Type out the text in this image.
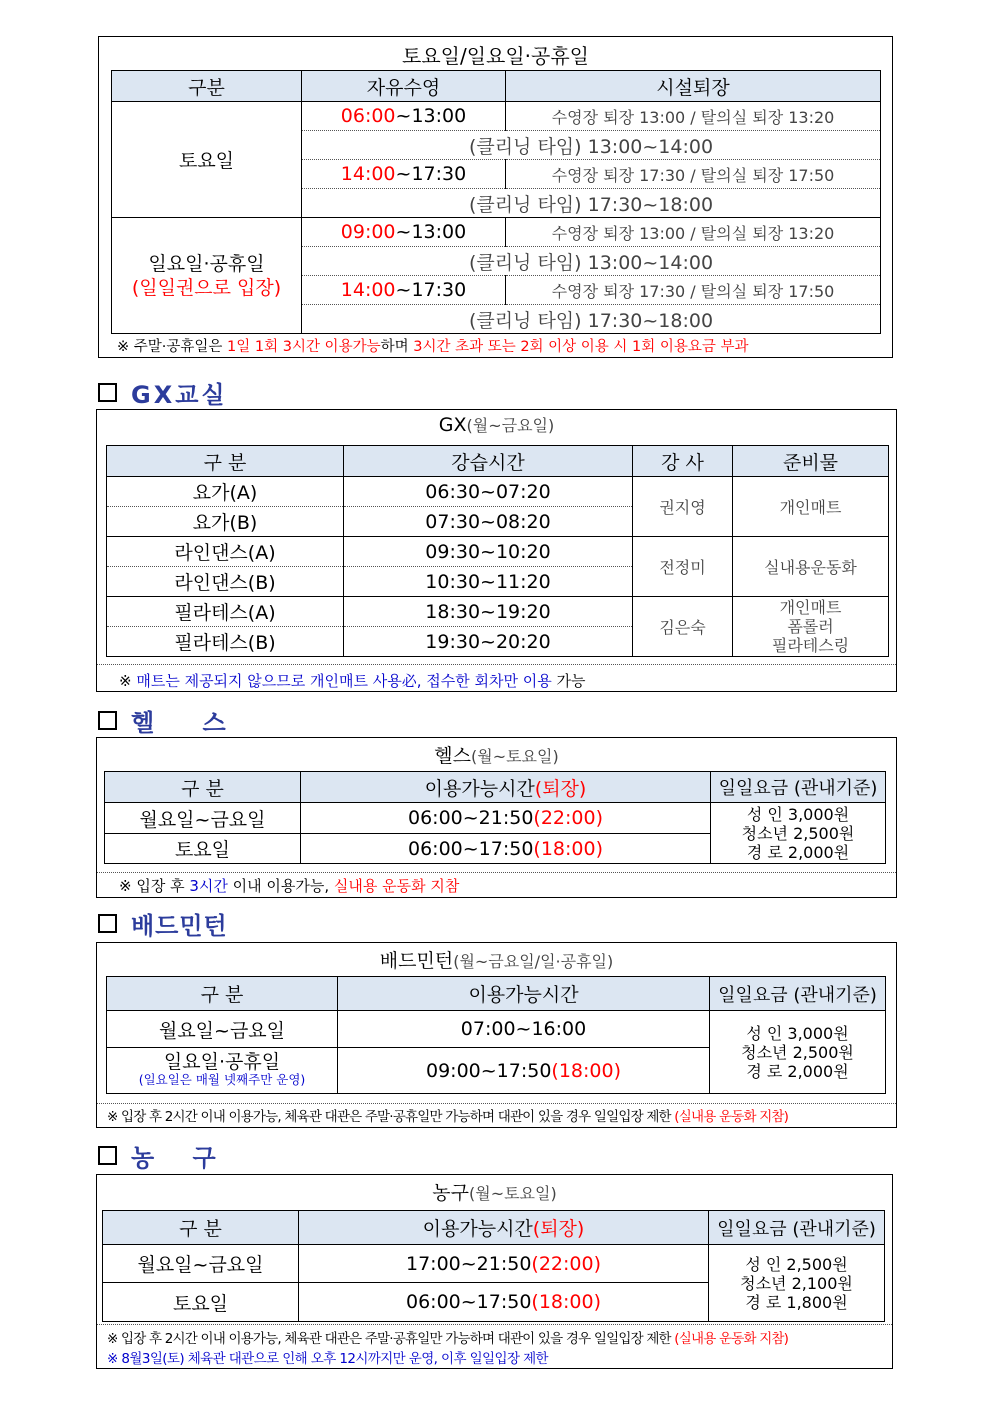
토요일/일요일·공휴일
구분	자유수영	시설퇴장
토요일	06:00~13:00	수영장 퇴장 13:00 / 탈의실 퇴장 13:20
	(클리닝 타임) 13:00~14:00	
	14:00~17:30	수영장 퇴장 17:30 / 탈의실 퇴장 17:50
	(클리닝 타임) 17:30~18:00	

일요일·공휴일
(일일권으로 입장)	09:00~13:00	수영장 퇴장 13:00 / 탈의실 퇴장 13:20
	(클리닝 타임) 13:00~14:00	
	14:00~17:30	수영장 퇴장 17:30 / 탈의실 퇴장 17:50
	(클리닝 타임) 17:30~18:00	
※ 주말·공휴일은 1일 1회 3시간 이용가능하며 3시간 초과 또는 2회 이상 이용 시 1회 이용요금 부과
GX교실
GX(월~금요일)
구 분	강습시간	강 사	준비물
요가(A)	06:30~07:20	권지영	개인매트
요가(B)	07:30~08:20		
라인댄스(A)	09:30~10:20	전정미	실내용운동화
라인댄스(B)	10:30~11:20		
필라테스(A)	18:30~19:20	김은숙	개인매트
폼롤러
필라테스링

필라테스(B)	19:30~20:20		
※ 매트는 제공되지 않으므로 개인매트 사용必, 접수한 회차만 이용 가능
헬 스
헬스(월~토요일)
구 분	이용가능시간(퇴장)	일일요금 (관내기준)
월요일~금요일	06:00~21:50(22:00)	성 인 3,000원
청소년 2,500원
경 로 2,000원

토요일	06:00~17:50(18:00)	
※ 입장 후 3시간 이내 이용가능, 실내용 운동화 지참
배드민턴
배드민턴(월~금요일/일·공휴일)
구 분	이용가능시간	일일요금 (관내기준)
월요일~금요일	07:00~16:00	성 인 3,000원
청소년 2,500원
경 로 2,000원

일요일·공휴일
(일요일은 매월 넷째주만 운영)	09:00~17:50(18:00)	
※ 입장 후 2시간 이내 이용가능, 체육관 대관은 주말·공휴일만 가능하며 대관이 있을 경우 일일입장 제한 (실내용 운동화 지참)
농 구
농구(월~토요일)
구 분	이용가능시간(퇴장)	일일요금 (관내기준)
월요일~금요일	17:00~21:50(22:00)	성 인 2,500원
청소년 2,100원
경 로 1,800원

토요일	06:00~17:50(18:00)	
※ 입장 후 2시간 이내 이용가능, 체육관 대관은 주말·공휴일만 가능하며 대관이 있을 경우 일일입장 제한 (실내용 운동화 지참)
※ 8월3일(토) 체육관 대관으로 인해 오후 12시까지만 운영, 이후 일일입장 제한
